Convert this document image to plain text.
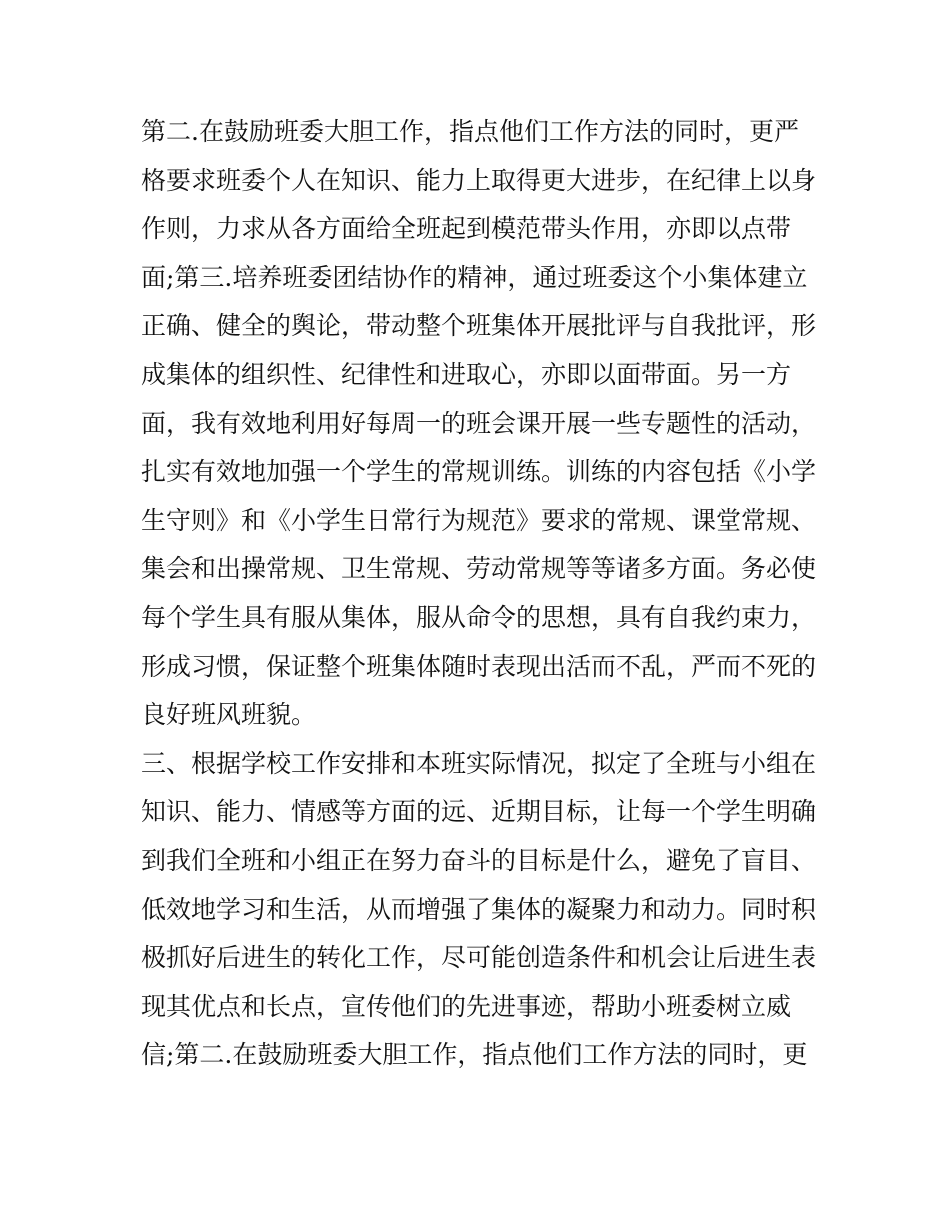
第二.在鼓励班委大胆工作，指点他们工作方法的同时，更严
格要求班委个人在知识、能力上取得更大进步，在纪律上以身
作则，力求从各方面给全班起到模范带头作用，亦即以点带
面;第三.培养班委团结协作的精神，通过班委这个小集体建立
正确、健全的舆论，带动整个班集体开展批评与自我批评，形
成集体的组织性、纪律性和进取心，亦即以面带面。另一方
面，我有效地利用好每周一的班会课开展一些专题性的活动，
扎实有效地加强一个学生的常规训练。训练的内容包括《小学
生守则》和《小学生日常行为规范》要求的常规、课堂常规、
集会和出操常规、卫生常规、劳动常规等等诸多方面。务必使
每个学生具有服从集体，服从命令的思想，具有自我约束力，
形成习惯，保证整个班集体随时表现出活而不乱，严而不死的
良好班风班貌。
三、根据学校工作安排和本班实际情况，拟定了全班与小组在
知识、能力、情感等方面的远、近期目标，让每一个学生明确
到我们全班和小组正在努力奋斗的目标是什么，避免了盲目、
低效地学习和生活，从而增强了集体的凝聚力和动力。同时积
极抓好后进生的转化工作，尽可能创造条件和机会让后进生表
现其优点和长点，宣传他们的先进事迹，帮助小班委树立威
信;第二.在鼓励班委大胆工作，指点他们工作方法的同时，更
